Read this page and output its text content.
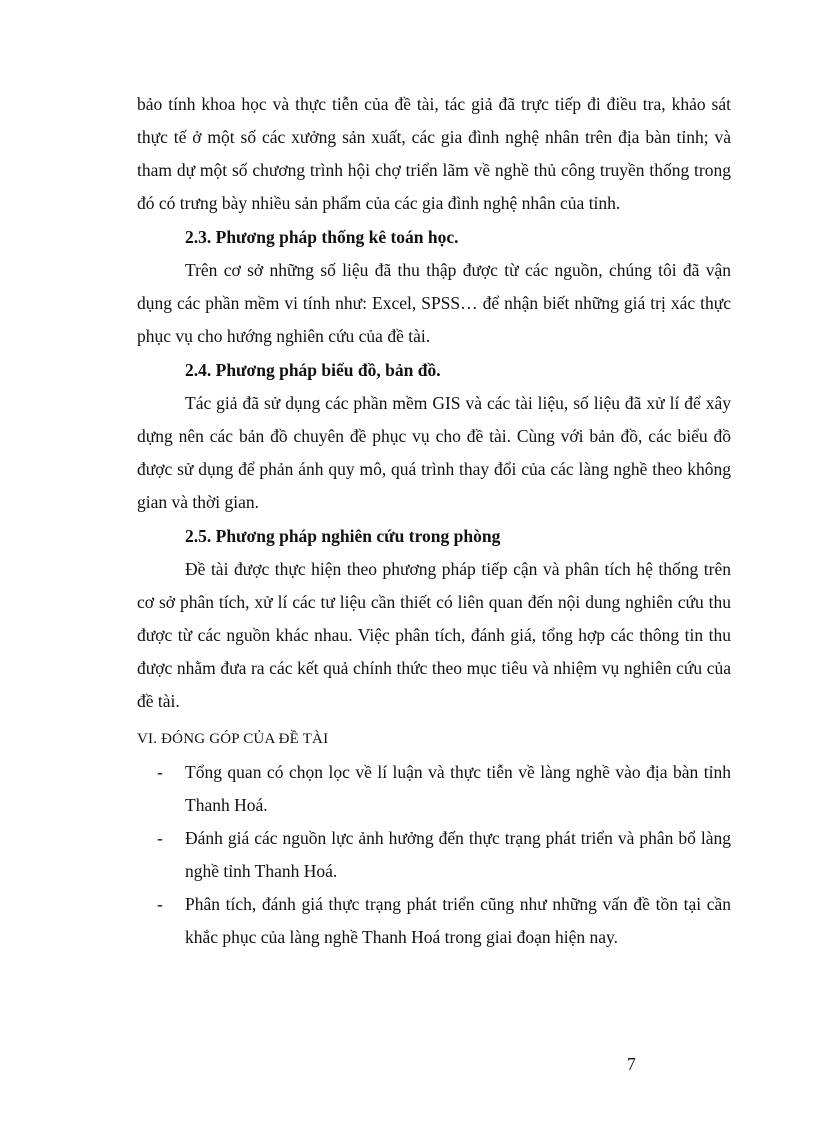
bảo tính khoa học và thực tiễn của đề tài, tác giả đã trực tiếp đi điều tra, khảo sát thực tế ở một số các xưởng sản xuất, các gia đình nghệ nhân trên địa bàn tỉnh; và tham dự một số chương trình hội chợ triển lãm về nghề thủ công truyền thống trong đó có trưng bày nhiều sản phẩm của các gia đình nghệ nhân của tỉnh.

2.3. Phương pháp thống kê toán học.

Trên cơ sở những số liệu đã thu thập được từ các nguồn, chúng tôi đã vận dụng các phần mềm vi tính như: Excel, SPSS… để nhận biết những giá trị xác thực phục vụ cho hướng nghiên cứu của đề tài.

2.4. Phương pháp biểu đồ, bản đồ.

Tác giả đã sử dụng các phần mềm GIS và các tài liệu, số liệu đã xử lí để xây dựng nên các bản đồ chuyên đề phục vụ cho đề tài. Cùng với bản đồ, các biểu đồ được sử dụng để phản ánh quy mô, quá trình thay đổi của các làng nghề theo không gian và thời gian.

2.5. Phương pháp nghiên cứu trong phòng

Đề tài được thực hiện theo phương pháp tiếp cận và phân tích hệ thống trên cơ sở phân tích, xử lí các tư liệu cần thiết có liên quan đến nội dung nghiên cứu thu được từ các nguồn khác nhau. Việc phân tích, đánh giá, tổng hợp các thông tin thu được nhằm đưa ra các kết quả chính thức theo mục tiêu và nhiệm vụ nghiên cứu của đề tài.

VI. ĐÓNG GÓP CỦA ĐỀ TÀI
- Tổng quan có chọn lọc về lí luận và thực tiễn về làng nghề vào địa bàn tỉnh Thanh Hoá.
- Đánh giá các nguồn lực ảnh hưởng đến thực trạng phát triển và phân bổ làng nghề tỉnh Thanh Hoá.
- Phân tích, đánh giá thực trạng phát triển cũng như những vấn đề tồn tại cần khắc phục của làng nghề Thanh Hoá trong giai đoạn hiện nay.
7
